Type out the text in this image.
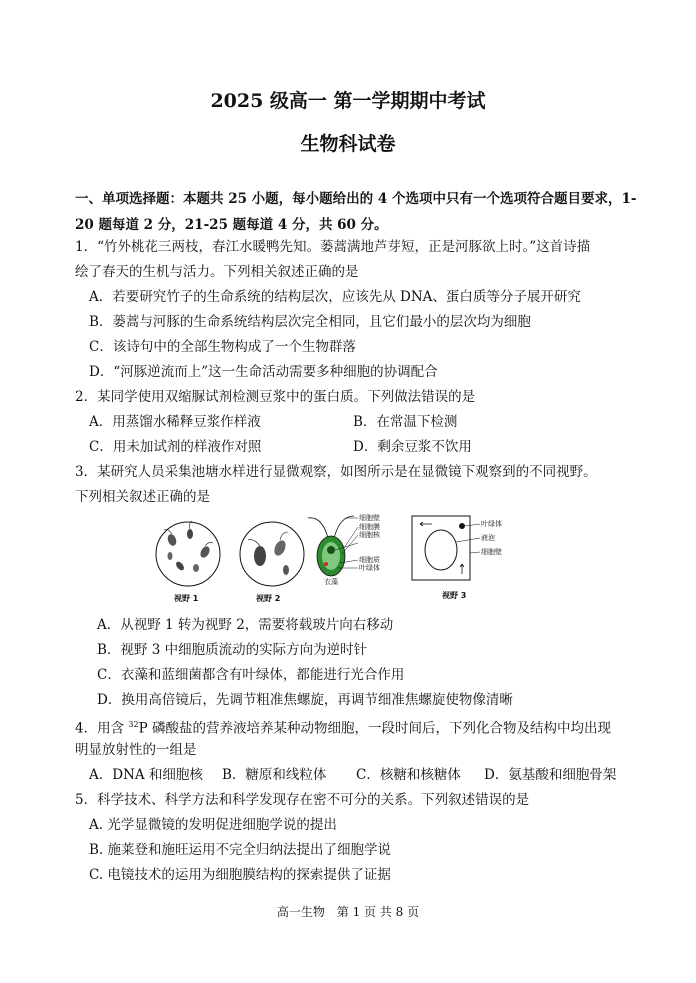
2025 级高一 第一学期期中考试
生物科试卷
一、单项选择题：本题共 25 小题，每小题给出的 4 个选项中只有一个选项符合题目要求，1-20 题每道 2 分，21-25 题每道 4 分，共 60 分。
1．“竹外桃花三两枝，春江水暖鸭先知。蒌蒿满地芦芽短，正是河豚欲上时。”这首诗描
绘了春天的生机与活力。下列相关叙述正确的是
A．若要研究竹子的生命系统的结构层次，应该先从 DNA、蛋白质等分子展开研究
B．蒌蒿与河豚的生命系统结构层次完全相同，且它们最小的层次均为细胞
C．该诗句中的全部生物构成了一个生物群落
D．“河豚逆流而上”这一生命活动需要多种细胞的协调配合
2．某同学使用双缩脲试剂检测豆浆中的蛋白质。下列做法错误的是
A．用蒸馏水稀释豆浆作样液	B．在常温下检测
C．用未加试剂的样液作对照	D．剩余豆浆不饮用
3．某研究人员采集池塘水样进行显微观察，如图所示是在显微镜下观察到的不同视野。
下列相关叙述正确的是
视野 1	视野 2
细胞壁
细胞膜
细胞核
细胞质
叶绿体
衣藻
叶绿体
液泡
细胞壁
视野 3
A．从视野 1 转为视野 2，需要将载玻片向右移动
B．视野 3 中细胞质流动的实际方向为逆时针
C．衣藻和蓝细菌都含有叶绿体，都能进行光合作用
D．换用高倍镜后，先调节粗准焦螺旋，再调节细准焦螺旋使物像清晰
4．用含 $^{32}$P 磷酸盐的营养液培养某种动物细胞，一段时间后，下列化合物及结构中均出现
明显放射性的一组是
A．DNA 和细胞核 B．糖原和线粒体 C．核糖和核糖体 D．氨基酸和细胞骨架
5．科学技术、科学方法和科学发现存在密不可分的关系。下列叙述错误的是
A. 光学显微镜的发明促进细胞学说的提出
B. 施莱登和施旺运用不完全归纳法提出了细胞学说
C. 电镜技术的运用为细胞膜结构的探索提供了证据
高一生物 第 1 页 共 8 页
